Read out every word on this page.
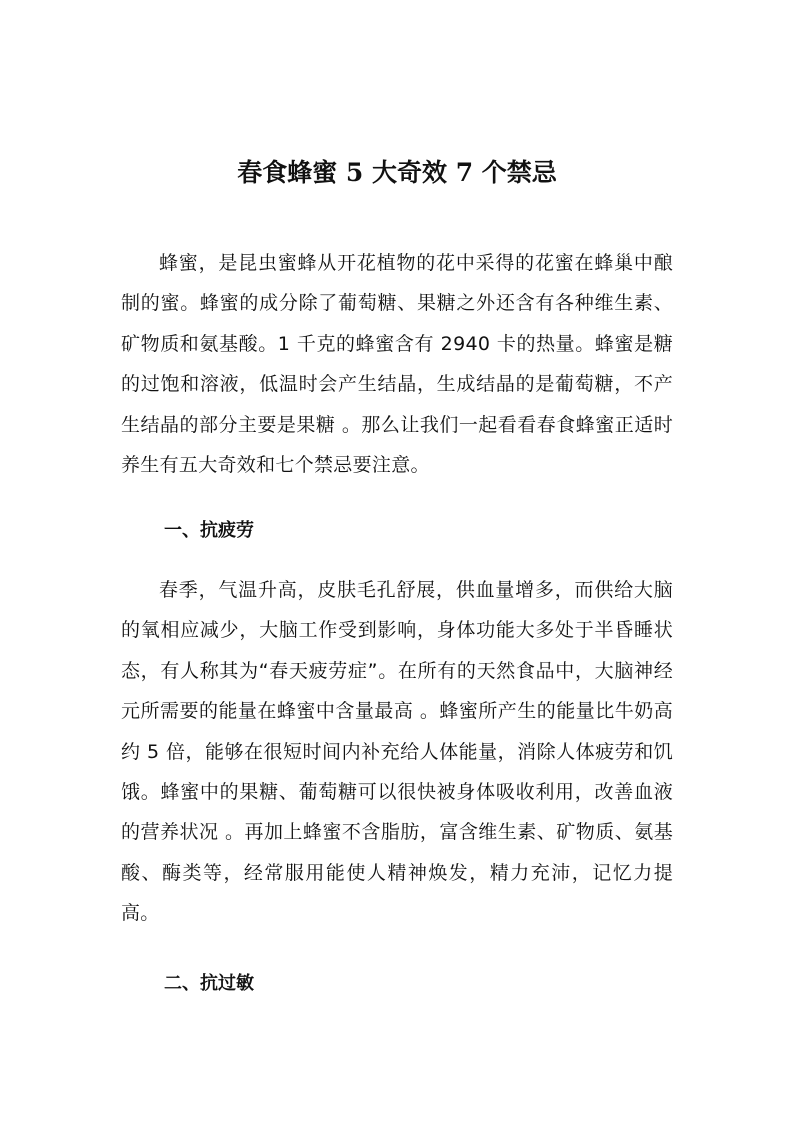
春食蜂蜜 5 大奇效 7 个禁忌

蜂蜜，是昆虫蜜蜂从开花植物的花中采得的花蜜在蜂巢中酿制的蜜。蜂蜜的成分除了葡萄糖、果糖之外还含有各种维生素、矿物质和氨基酸。1 千克的蜂蜜含有 2940 卡的热量。蜂蜜是糖的过饱和溶液，低温时会产生结晶，生成结晶的是葡萄糖，不产生结晶的部分主要是果糖 。那么让我们一起看看春食蜂蜜正适时养生有五大奇效和七个禁忌要注意。

一、抗疲劳

春季，气温升高，皮肤毛孔舒展，供血量增多，而供给大脑的氧相应减少，大脑工作受到影响，身体功能大多处于半昏睡状态，有人称其为“春天疲劳症”。在所有的天然食品中，大脑神经元所需要的能量在蜂蜜中含量最高 。蜂蜜所产生的能量比牛奶高约 5 倍，能够在很短时间内补充给人体能量，消除人体疲劳和饥饿。蜂蜜中的果糖、葡萄糖可以很快被身体吸收利用，改善血液的营养状况 。再加上蜂蜜不含脂肪，富含维生素、矿物质、氨基酸、酶类等，经常服用能使人精神焕发，精力充沛，记忆力提高。

二、抗过敏
